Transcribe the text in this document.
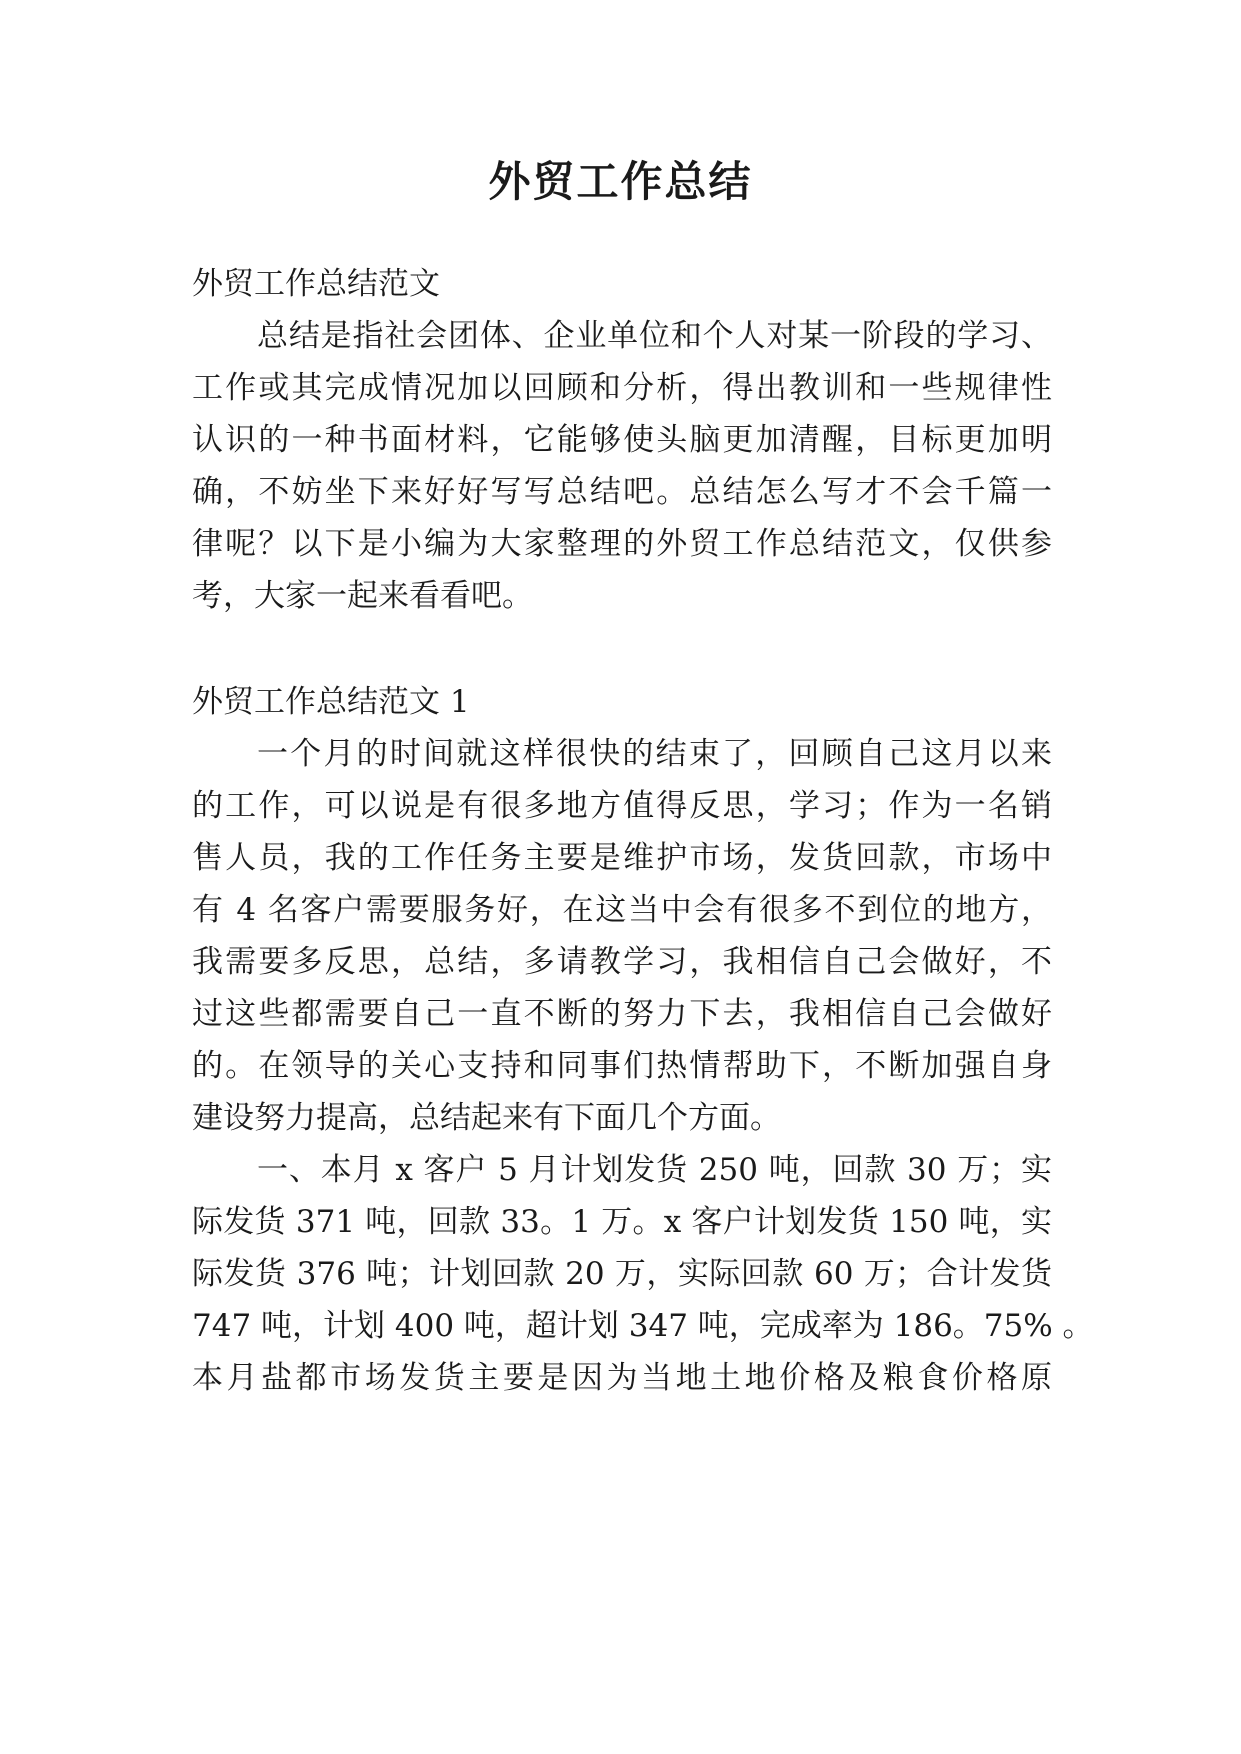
外贸工作总结

外贸工作总结范文

总结是指社会团体、企业单位和个人对某一阶段的学习、

工作或其完成情况加以回顾和分析，得出教训和一些规律性

认识的一种书面材料，它能够使头脑更加清醒，目标更加明

确，不妨坐下来好好写写总结吧。总结怎么写才不会千篇一

律呢？以下是小编为大家整理的外贸工作总结范文，仅供参

考，大家一起来看看吧。

外贸工作总结范文 1

一个月的时间就这样很快的结束了，回顾自己这月以来

的工作，可以说是有很多地方值得反思，学习；作为一名销

售人员，我的工作任务主要是维护市场，发货回款，市场中

有 4 名客户需要服务好，在这当中会有很多不到位的地方，

我需要多反思，总结，多请教学习，我相信自己会做好，不

过这些都需要自己一直不断的努力下去，我相信自己会做好

的。在领导的关心支持和同事们热情帮助下，不断加强自身

建设努力提高，总结起来有下面几个方面。

一、本月 x 客户 5 月计划发货 250 吨，回款 30 万；实

际发货 371 吨，回款 33。1 万。x 客户计划发货 150 吨，实

际发货 376 吨；计划回款 20 万，实际回款 60 万；合计发货

747 吨，计划 400 吨，超计划 347 吨，完成率为 186。75% 。

本月盐都市场发货主要是因为当地土地价格及粮食价格原
